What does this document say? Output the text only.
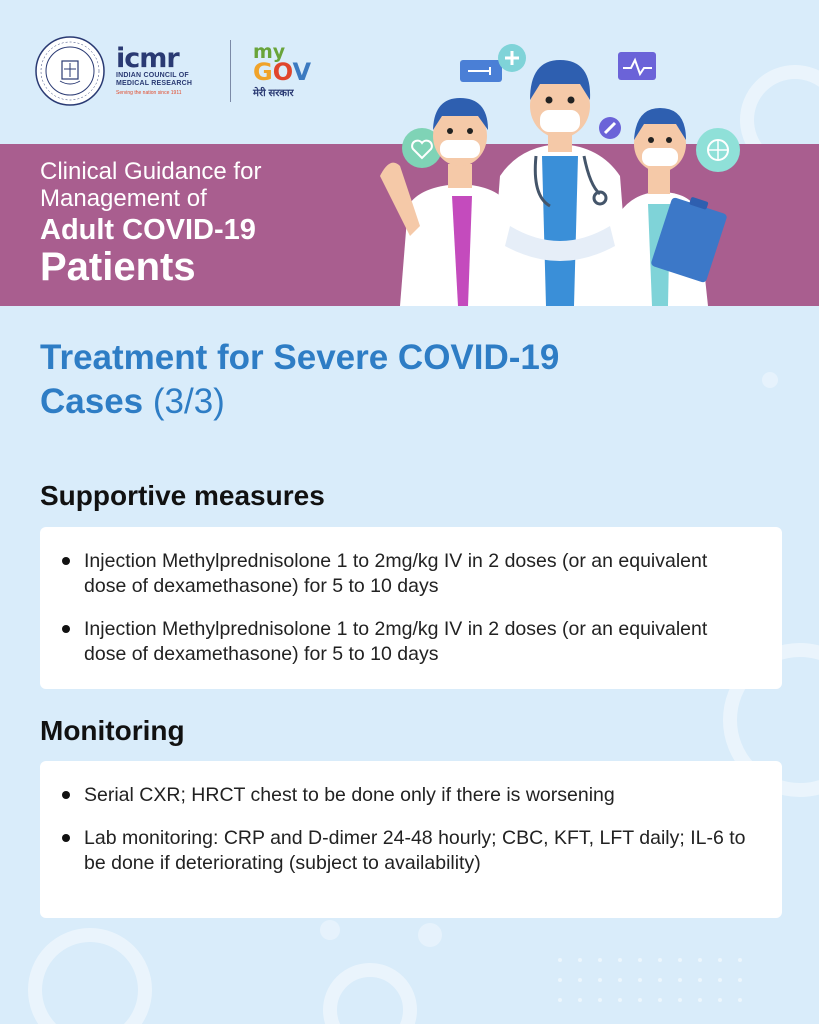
icmr
INDIAN COUNCIL OF
MEDICAL RESEARCH
Serving the nation since 1911
my
GOV
मेरी सरकार
Clinical Guidance for
Management of
Adult COVID-19
Patients
Treatment for Severe COVID-19
Cases (3/3)
Supportive measures
Injection Methylprednisolone 1 to 2mg/kg IV in 2 doses (or an equivalent dose of dexamethasone) for 5 to 10 days
Injection Methylprednisolone 1 to 2mg/kg IV in 2 doses (or an equivalent dose of dexamethasone) for 5 to 10 days
Monitoring
Serial CXR; HRCT chest to be done only if there is worsening
Lab monitoring: CRP and D-dimer 24-48 hourly; CBC, KFT, LFT daily; IL-6 to be done if deteriorating (subject to availability)
